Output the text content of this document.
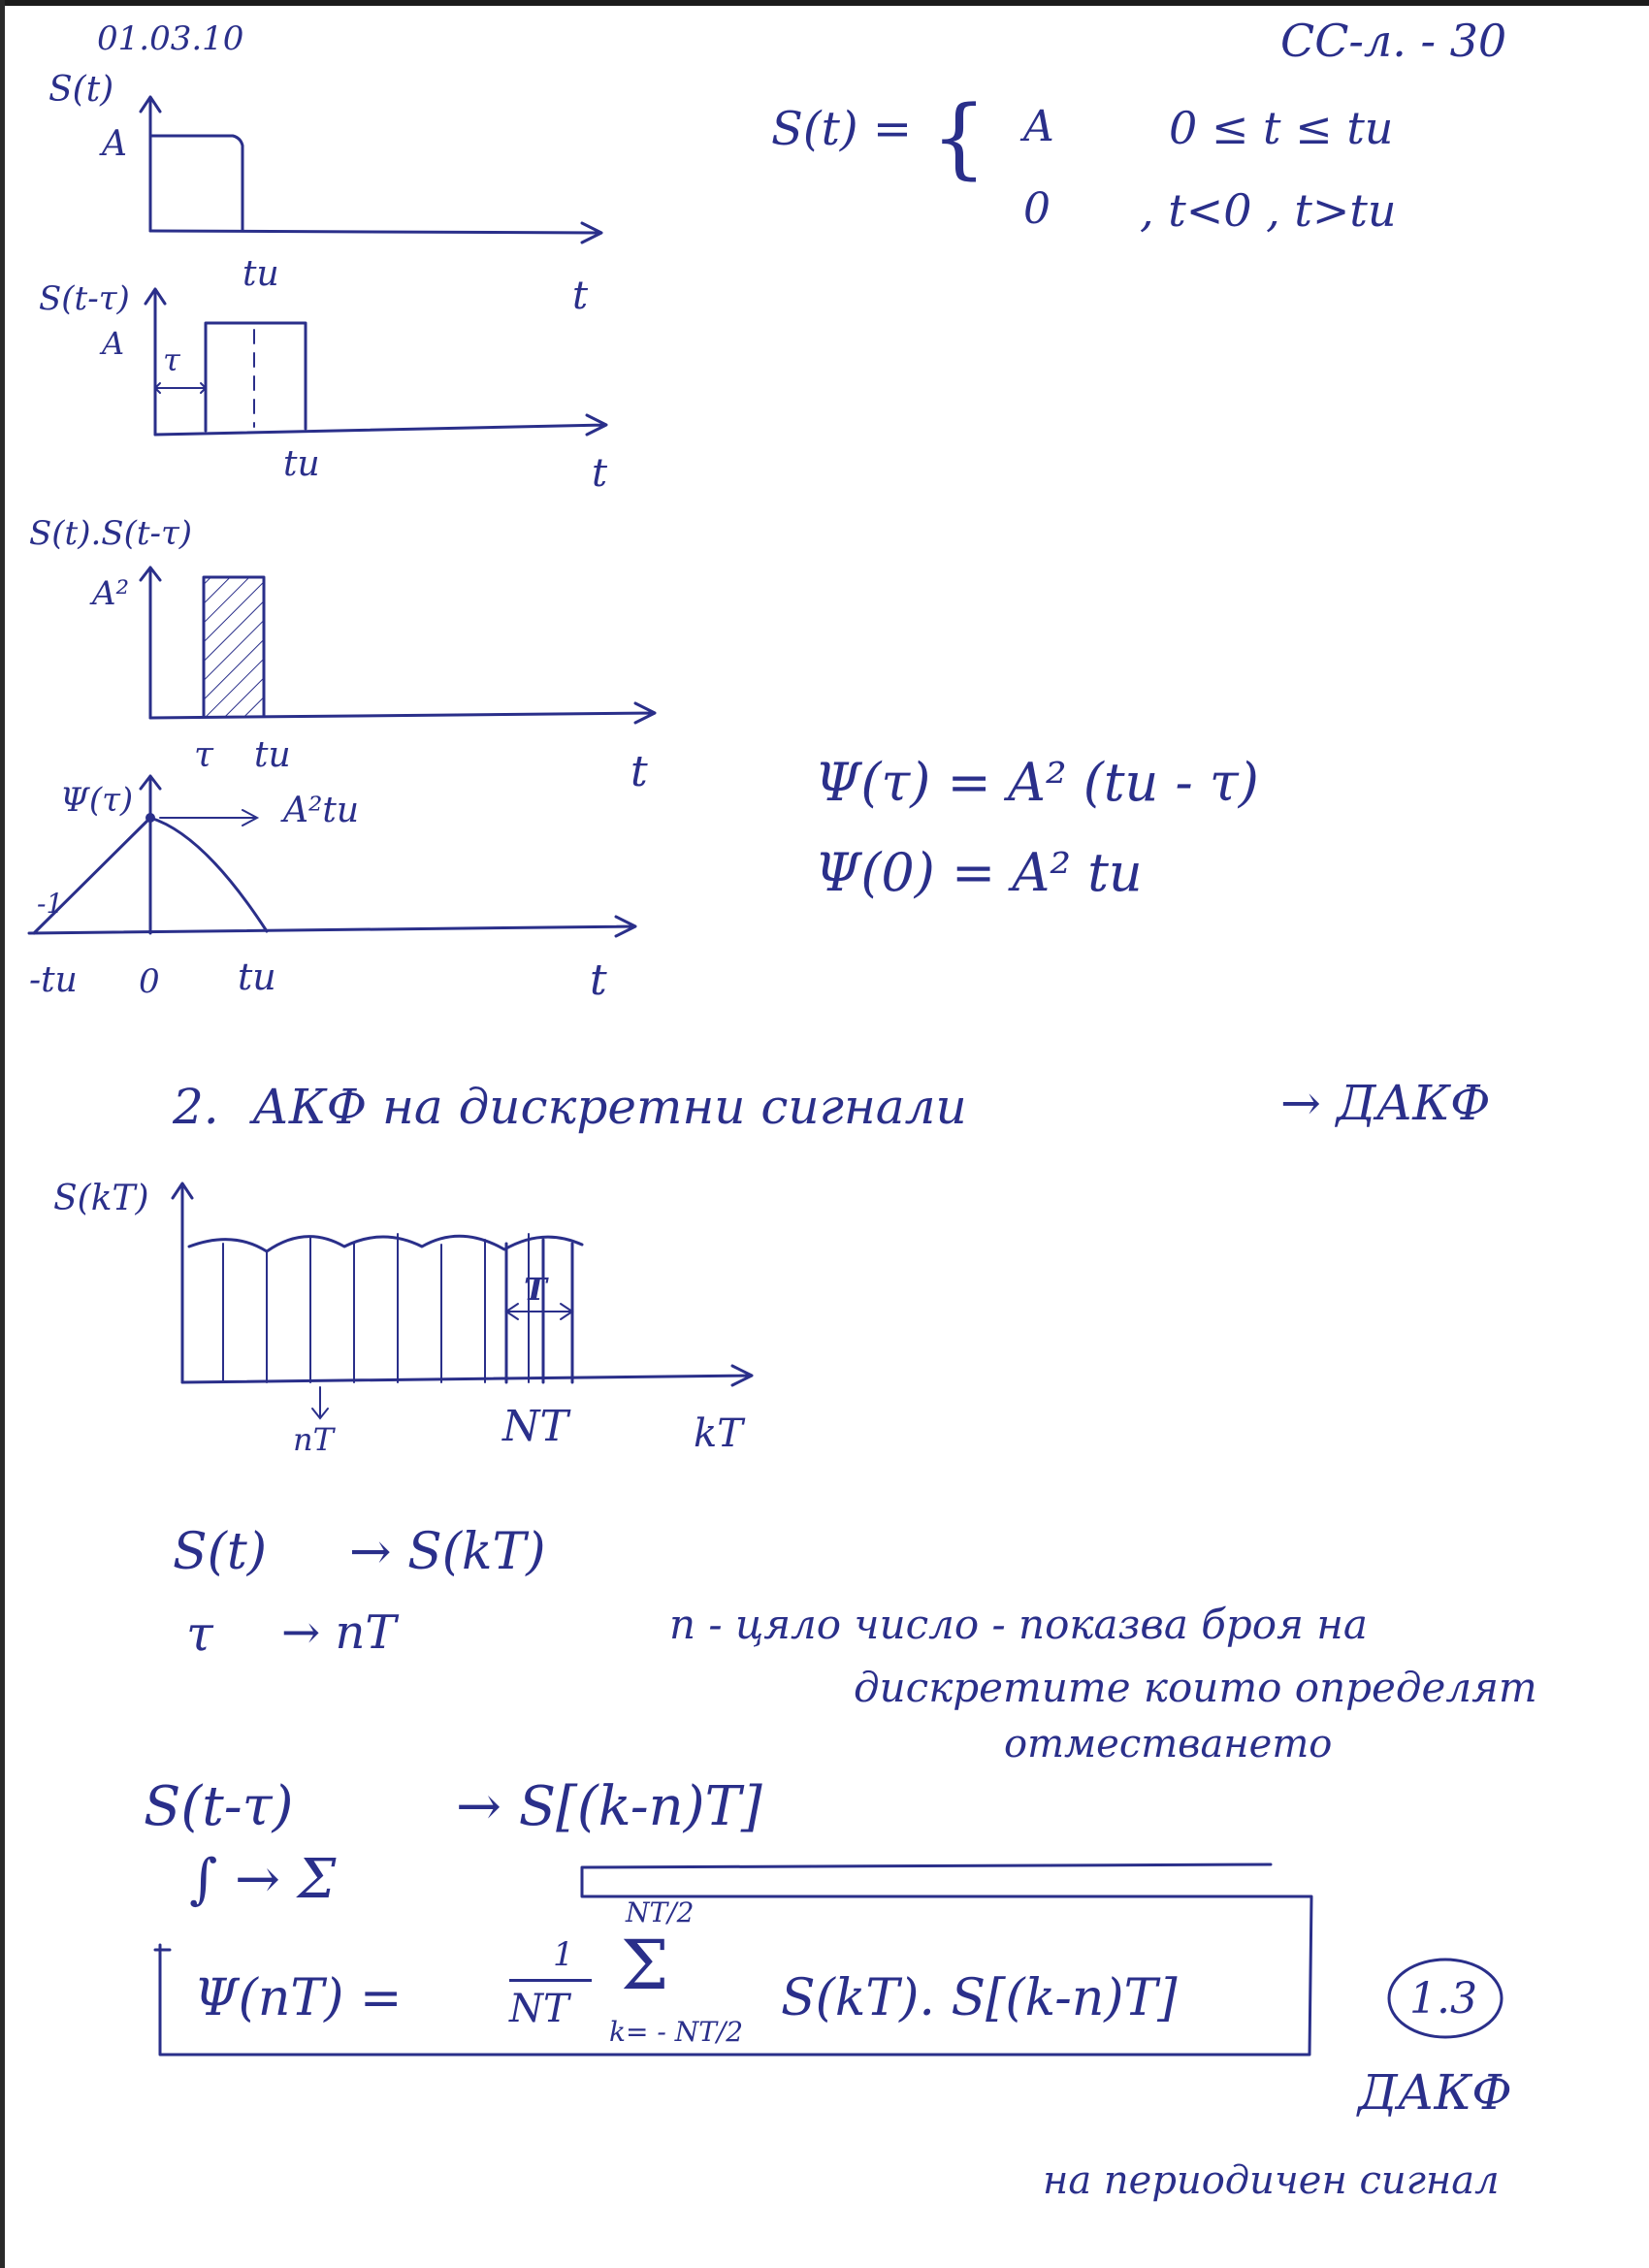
01.03.10	CC-л. - 30
S(t)
A
tи	t
S(t-τ)
A τ
tи	t
S(t).S(t-τ)
A²
τ tи	t
Ψ(τ)	A²tи
-1
-tи 0 tи	t
S(t) = { A	0 ≤ t ≤ tи
0 , t<0 , t>tи
Ψ(τ) = A² (tи - τ)
Ψ(0) = A² tи
2. АКФ на дискретни сигнали	→ ДАКФ
S(kT)
T
nT	NT	kT
S(t) → S(kT)
τ → nT	n - цяло число - показва броя на
дискретите които определят
отместването
S(t-τ)	→ S[(k-n)T]
∫ → Σ
Ψ(nT) =
1
NT
NT/2
Σ
k= - NT/2
S(kT). S[(k-n)T]	1.3
ДАКФ
на периодичен сигнал
